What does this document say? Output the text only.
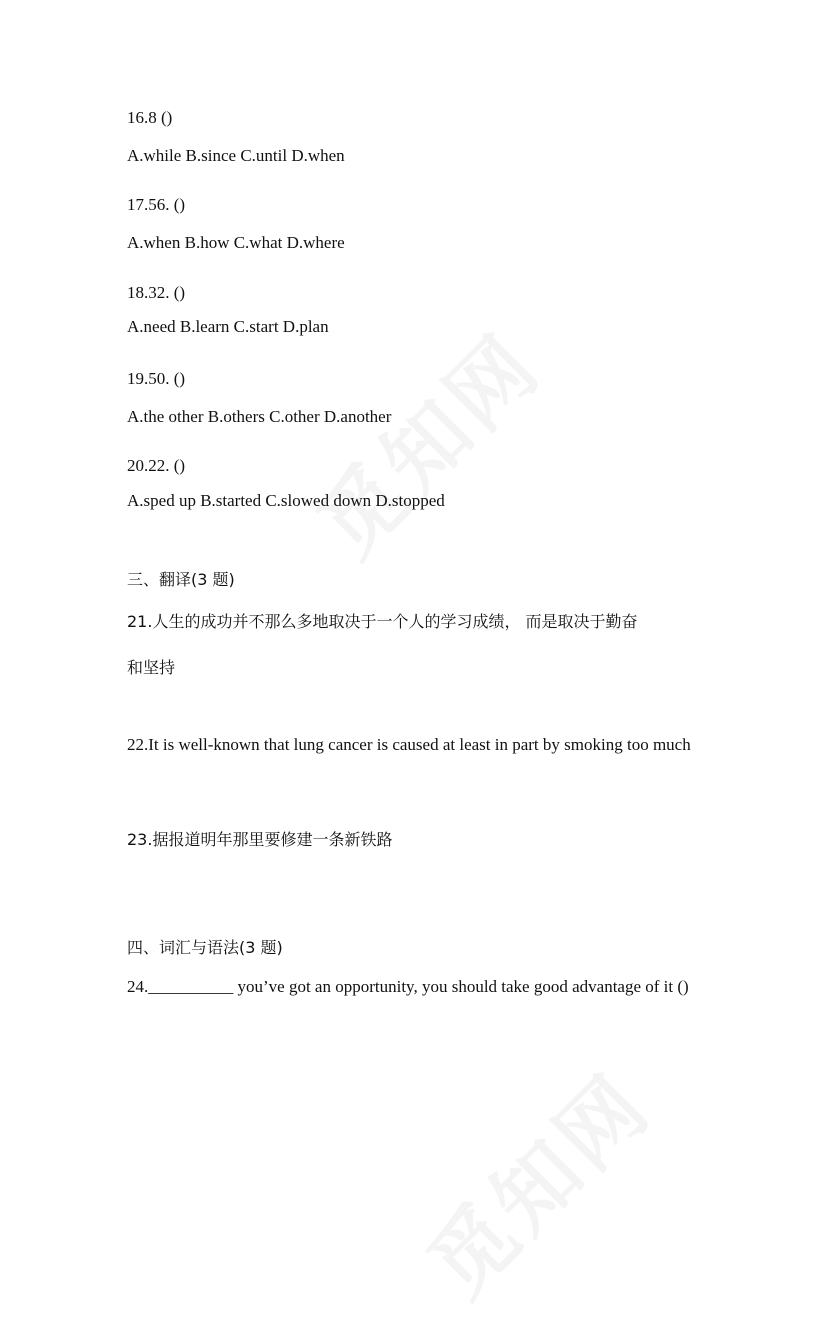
16.8 ()
A.while B.since C.until D.when
17.56. ()
A.when B.how C.what D.where
18.32. ()
A.need B.learn C.start D.plan
19.50. ()
A.the other B.others C.other D.another
20.22. ()
A.sped up B.started C.slowed down D.stopped
三、翻译(3 题)
21.人生的成功并不那么多地取决于一个人的学习成绩， 而是取决于勤奋
和坚持
22.It is well-known that lung cancer is caused at least in part by smoking too much
23.据报道明年那里要修建一条新铁路
四、词汇与语法(3 题)
24.__________ you’ve got an opportunity, you should take good advantage of it ()
